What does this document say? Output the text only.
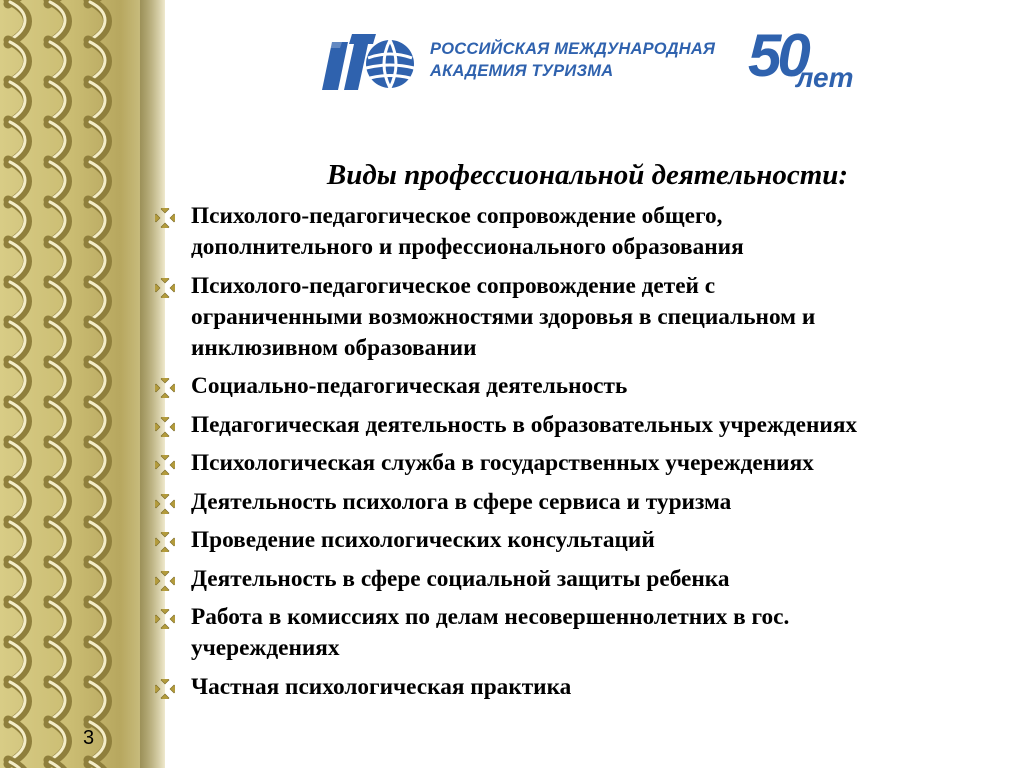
РОССИЙСКАЯ МЕЖДУНАРОДНАЯ
АКАДЕМИЯ ТУРИЗМА	50
лет
Виды профессиональной деятельности:
Психолого-педагогическое сопровождение общего,
дополнительного и профессионального образования
Психолого-педагогическое сопровождение детей с
ограниченными возможностями здоровья в специальном и
инклюзивном образовании
Социально-педагогическая деятельность
Педагогическая деятельность в образовательных учреждениях
Психологическая служба в государственных учереждениях
Деятельность психолога в сфере сервиса и туризма
Проведение психологических консультаций
Деятельность в сфере социальной защиты ребенка
Работа в комиссиях по делам несовершеннолетних в гос.
учереждениях
Частная психологическая практика
3
